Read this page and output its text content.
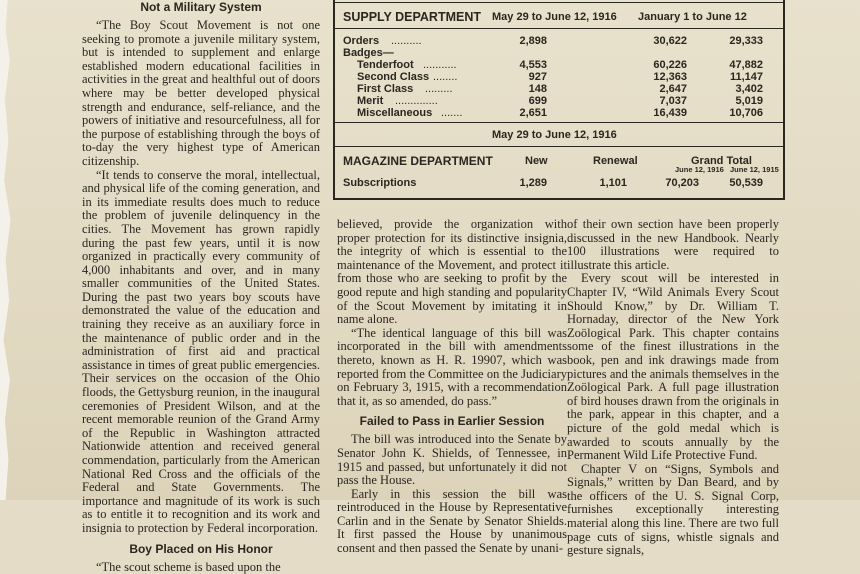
Not a Military System

“The Boy Scout Movement is not one seeking to promote a juvenile military system, but is intended to supplement and enlarge established modern educational facilities in activities in the great and healthful out of doors where may be better developed physical strength and endurance, self-reliance, and the powers of initiative and resourcefulness, all for the purpose of establishing through the boys of to-day the very highest type of American citizenship.

“It tends to conserve the moral, intellectual, and physical life of the coming generation, and in its immediate results does much to reduce the problem of juvenile delinquency in the cities. The Movement has grown rapidly during the past few years, until it is now organized in practically every community of 4,000 inhabitants and over, and in many smaller communities of the United States. During the past two years boy scouts have demonstrated the value of the education and training they receive as an auxiliary force in the maintenance of public order and in the administration of first aid and practical assistance in times of great public emergencies. Their services on the occasion of the Ohio floods, the Gettysburg reunion, in the inaugural ceremonies of President Wilson, and at the recent memorable reunion of the Grand Army of the Republic in Washington attracted Nationwide attention and received general commendation, particularly from the American National Red Cross and the officials of the Federal and State Governments. The importance and magnitude of its work is such as to entitle it to recognition and its work and insignia to protection by Federal incorporation.

Boy Placed on His Honor

“The scout scheme is based upon the

SUPPLY DEPARTMENT May 29 to June 12, 1916 January 1 to June 12
Orders ..........	2,898	30,622	29,333
Badges—
Tenderfoot ...........	4,553	60,226	47,882
Second Class ........	927	12,363	11,147
First Class .........	148	2,647	3,402
Merit ..............	699	7,037	5,019
Miscellaneous .......	2,651	16,439	10,706
May 29 to June 12, 1916
MAGAZINE DEPARTMENT	New	Renewal	Grand Total
June 12, 1916 June 12, 1915
Subscriptions	1,289	1,101	70,203	50,539

believed, provide the organization with proper protection for its distinctive insignia, the integrity of which is essential to the maintenance of the Movement, and protect it from those who are seeking to profit by the good repute and high standing and popularity of the Scout Movement by imitating it in name alone.

“The identical language of this bill was incorporated in the bill with amendments thereto, known as H. R. 19907, which was reported from the Committee on the Judiciary on February 3, 1915, with a recommendation that it, as so amended, do pass.”

Failed to Pass in Earlier Session

The bill was introduced into the Senate by Senator John K. Shields, of Tennessee, in 1915 and passed, but unfortunately it did not pass the House.

Early in this session the bill was reintroduced in the House by Representative Carlin and in the Senate by Senator Shields. It first passed the House by unanimous consent and then passed the Senate by unani-

of their own section have been properly discussed in the new Handbook. Nearly 100 illustrations were required to illustrate this article.

Every scout will be interested in Chapter IV, “Wild Animals Every Scout Should Know,” by Dr. William T. Hornaday, director of the New York Zoölogical Park. This chapter contains some of the finest illustrations in the book, pen and ink drawings made from pictures and the animals themselves in the Zoölogical Park. A full page illustration of bird houses drawn from the originals in the park, appear in this chapter, and a picture of the gold medal which is awarded to scouts annually by the Permanent Wild Life Protective Fund.

Chapter V on “Signs, Symbols and Signals,” written by Dan Beard, and by the officers of the U. S. Signal Corp, furnishes exceptionally interesting material along this line. There are two full page cuts of signs, whistle signals and gesture signals,
